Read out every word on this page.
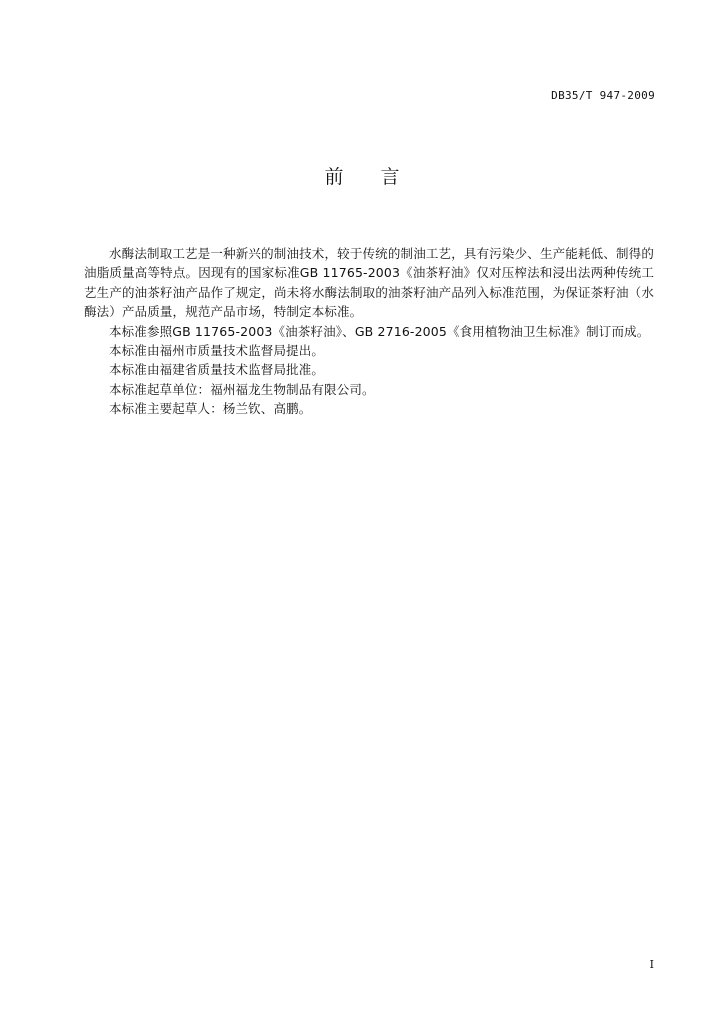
DB35/T 947-2009
前 言

水酶法制取工艺是一种新兴的制油技术，较于传统的制油工艺，具有污染少、生产能耗低、制得的油脂质量高等特点。因现有的国家标准GB 11765-2003《油茶籽油》仅对压榨法和浸出法两种传统工艺生产的油茶籽油产品作了规定，尚未将水酶法制取的油茶籽油产品列入标准范围，为保证茶籽油（水酶法）产品质量，规范产品市场，特制定本标准。

本标准参照GB 11765-2003《油茶籽油》、GB 2716-2005《食用植物油卫生标准》制订而成。

本标准由福州市质量技术监督局提出。

本标准由福建省质量技术监督局批准。

本标准起草单位：福州福龙生物制品有限公司。

本标准主要起草人：杨兰钦、高鹏。

I
